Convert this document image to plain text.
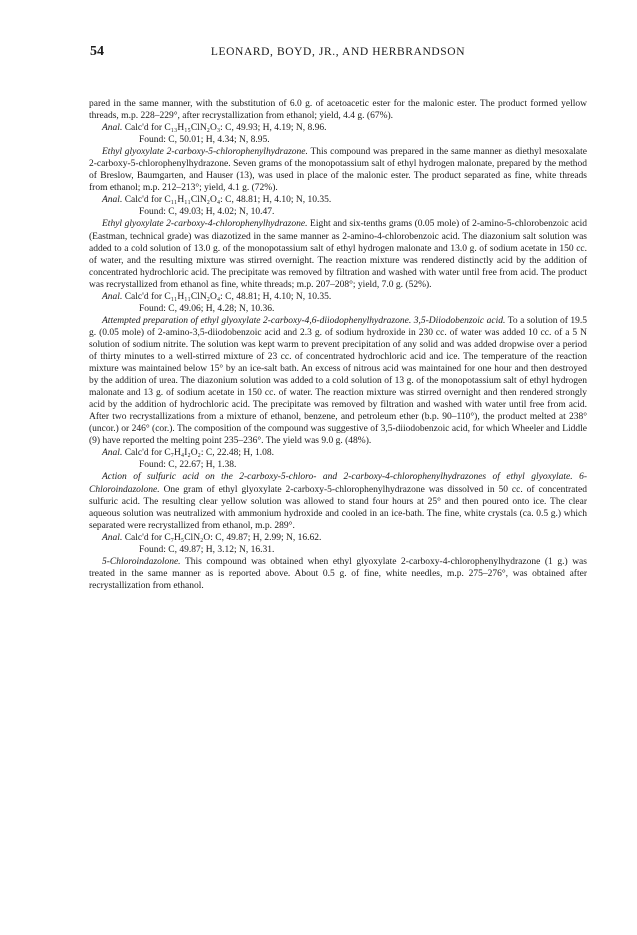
54	LEONARD, BOYD, JR., AND HERBRANDSON

pared in the same manner, with the substitution of 6.0 g. of acetoacetic ester for the malonic ester. The product formed yellow threads, m.p. 228–229°, after recrystallization from ethanol; yield, 4.4 g. (67%).

Anal. Calc'd for C₁₃H₁₅ClN₂O₃: C, 49.93; H, 4.19; N, 8.96.

Found: C, 50.01; H, 4.34; N, 8.95.

Ethyl glyoxylate 2-carboxy-5-chlorophenylhydrazone. This compound was prepared in the same manner as diethyl mesoxalate 2-carboxy-5-chlorophenylhydrazone. Seven grams of the monopotassium salt of ethyl hydrogen malonate, prepared by the method of Breslow, Baumgarten, and Hauser (13), was used in place of the malonic ester. The product separated as fine, white threads from ethanol; m.p. 212–213°; yield, 4.1 g. (72%).

Anal. Calc'd for C₁₁H₁₁ClN₂O₄: C, 48.81; H, 4.10; N, 10.35.

Found: C, 49.03; H, 4.02; N, 10.47.

Ethyl glyoxylate 2-carboxy-4-chlorophenylhydrazone. Eight and six-tenths grams (0.05 mole) of 2-amino-5-chlorobenzoic acid (Eastman, technical grade) was diazotized in the same manner as 2-amino-4-chlorobenzoic acid. The diazonium salt solution was added to a cold solution of 13.0 g. of the monopotassium salt of ethyl hydrogen malonate and 13.0 g. of sodium acetate in 150 cc. of water, and the resulting mixture was stirred overnight. The reaction mixture was rendered distinctly acid by the addition of concentrated hydrochloric acid. The precipitate was removed by filtration and washed with water until free from acid. The product was recrystallized from ethanol as fine, white threads; m.p. 207–208°; yield, 7.0 g. (52%).

Anal. Calc'd for C₁₁H₁₁ClN₂O₄: C, 48.81; H, 4.10; N, 10.35.

Found: C, 49.06; H, 4.28; N, 10.36.

Attempted preparation of ethyl glyoxylate 2-carboxy-4,6-diiodophenylhydrazone. 3,5-Diiodobenzoic acid. To a solution of 19.5 g. (0.05 mole) of 2-amino-3,5-diiodobenzoic acid and 2.3 g. of sodium hydroxide in 230 cc. of water was added 10 cc. of a 5 N solution of sodium nitrite. The solution was kept warm to prevent precipitation of any solid and was added dropwise over a period of thirty minutes to a well-stirred mixture of 23 cc. of concentrated hydrochloric acid and ice. The temperature of the reaction mixture was maintained below 15° by an ice-salt bath. An excess of nitrous acid was maintained for one hour and then destroyed by the addition of urea. The diazonium solution was added to a cold solution of 13 g. of the monopotassium salt of ethyl hydrogen malonate and 13 g. of sodium acetate in 150 cc. of water. The reaction mixture was stirred overnight and then rendered strongly acid by the addition of hydrochloric acid. The precipitate was removed by filtration and washed with water until free from acid. After two recrystallizations from a mixture of ethanol, benzene, and petroleum ether (b.p. 90–110°), the product melted at 238° (uncor.) or 246° (cor.). The composition of the compound was suggestive of 3,5-diiodobenzoic acid, for which Wheeler and Liddle (9) have reported the melting point 235–236°. The yield was 9.0 g. (48%).

Anal. Calc'd for C₇H₄I₂O₂: C, 22.48; H, 1.08.

Found: C, 22.67; H, 1.38.

Action of sulfuric acid on the 2-carboxy-5-chloro- and 2-carboxy-4-chlorophenylhydrazones of ethyl glyoxylate. 6-Chloroindazolone. One gram of ethyl glyoxylate 2-carboxy-5-chlorophenylhydrazone was dissolved in 50 cc. of concentrated sulfuric acid. The resulting clear yellow solution was allowed to stand four hours at 25° and then poured onto ice. The clear aqueous solution was neutralized with ammonium hydroxide and cooled in an ice-bath. The fine, white crystals (ca. 0.5 g.) which separated were recrystallized from ethanol, m.p. 289°.

Anal. Calc'd for C₇H₅ClN₂O: C, 49.87; H, 2.99; N, 16.62.

Found: C, 49.87; H, 3.12; N, 16.31.

5-Chloroindazolone. This compound was obtained when ethyl glyoxylate 2-carboxy-4-chlorophenylhydrazone (1 g.) was treated in the same manner as is reported above. About 0.5 g. of fine, white needles, m.p. 275–276°, was obtained after recrystallization from ethanol.
